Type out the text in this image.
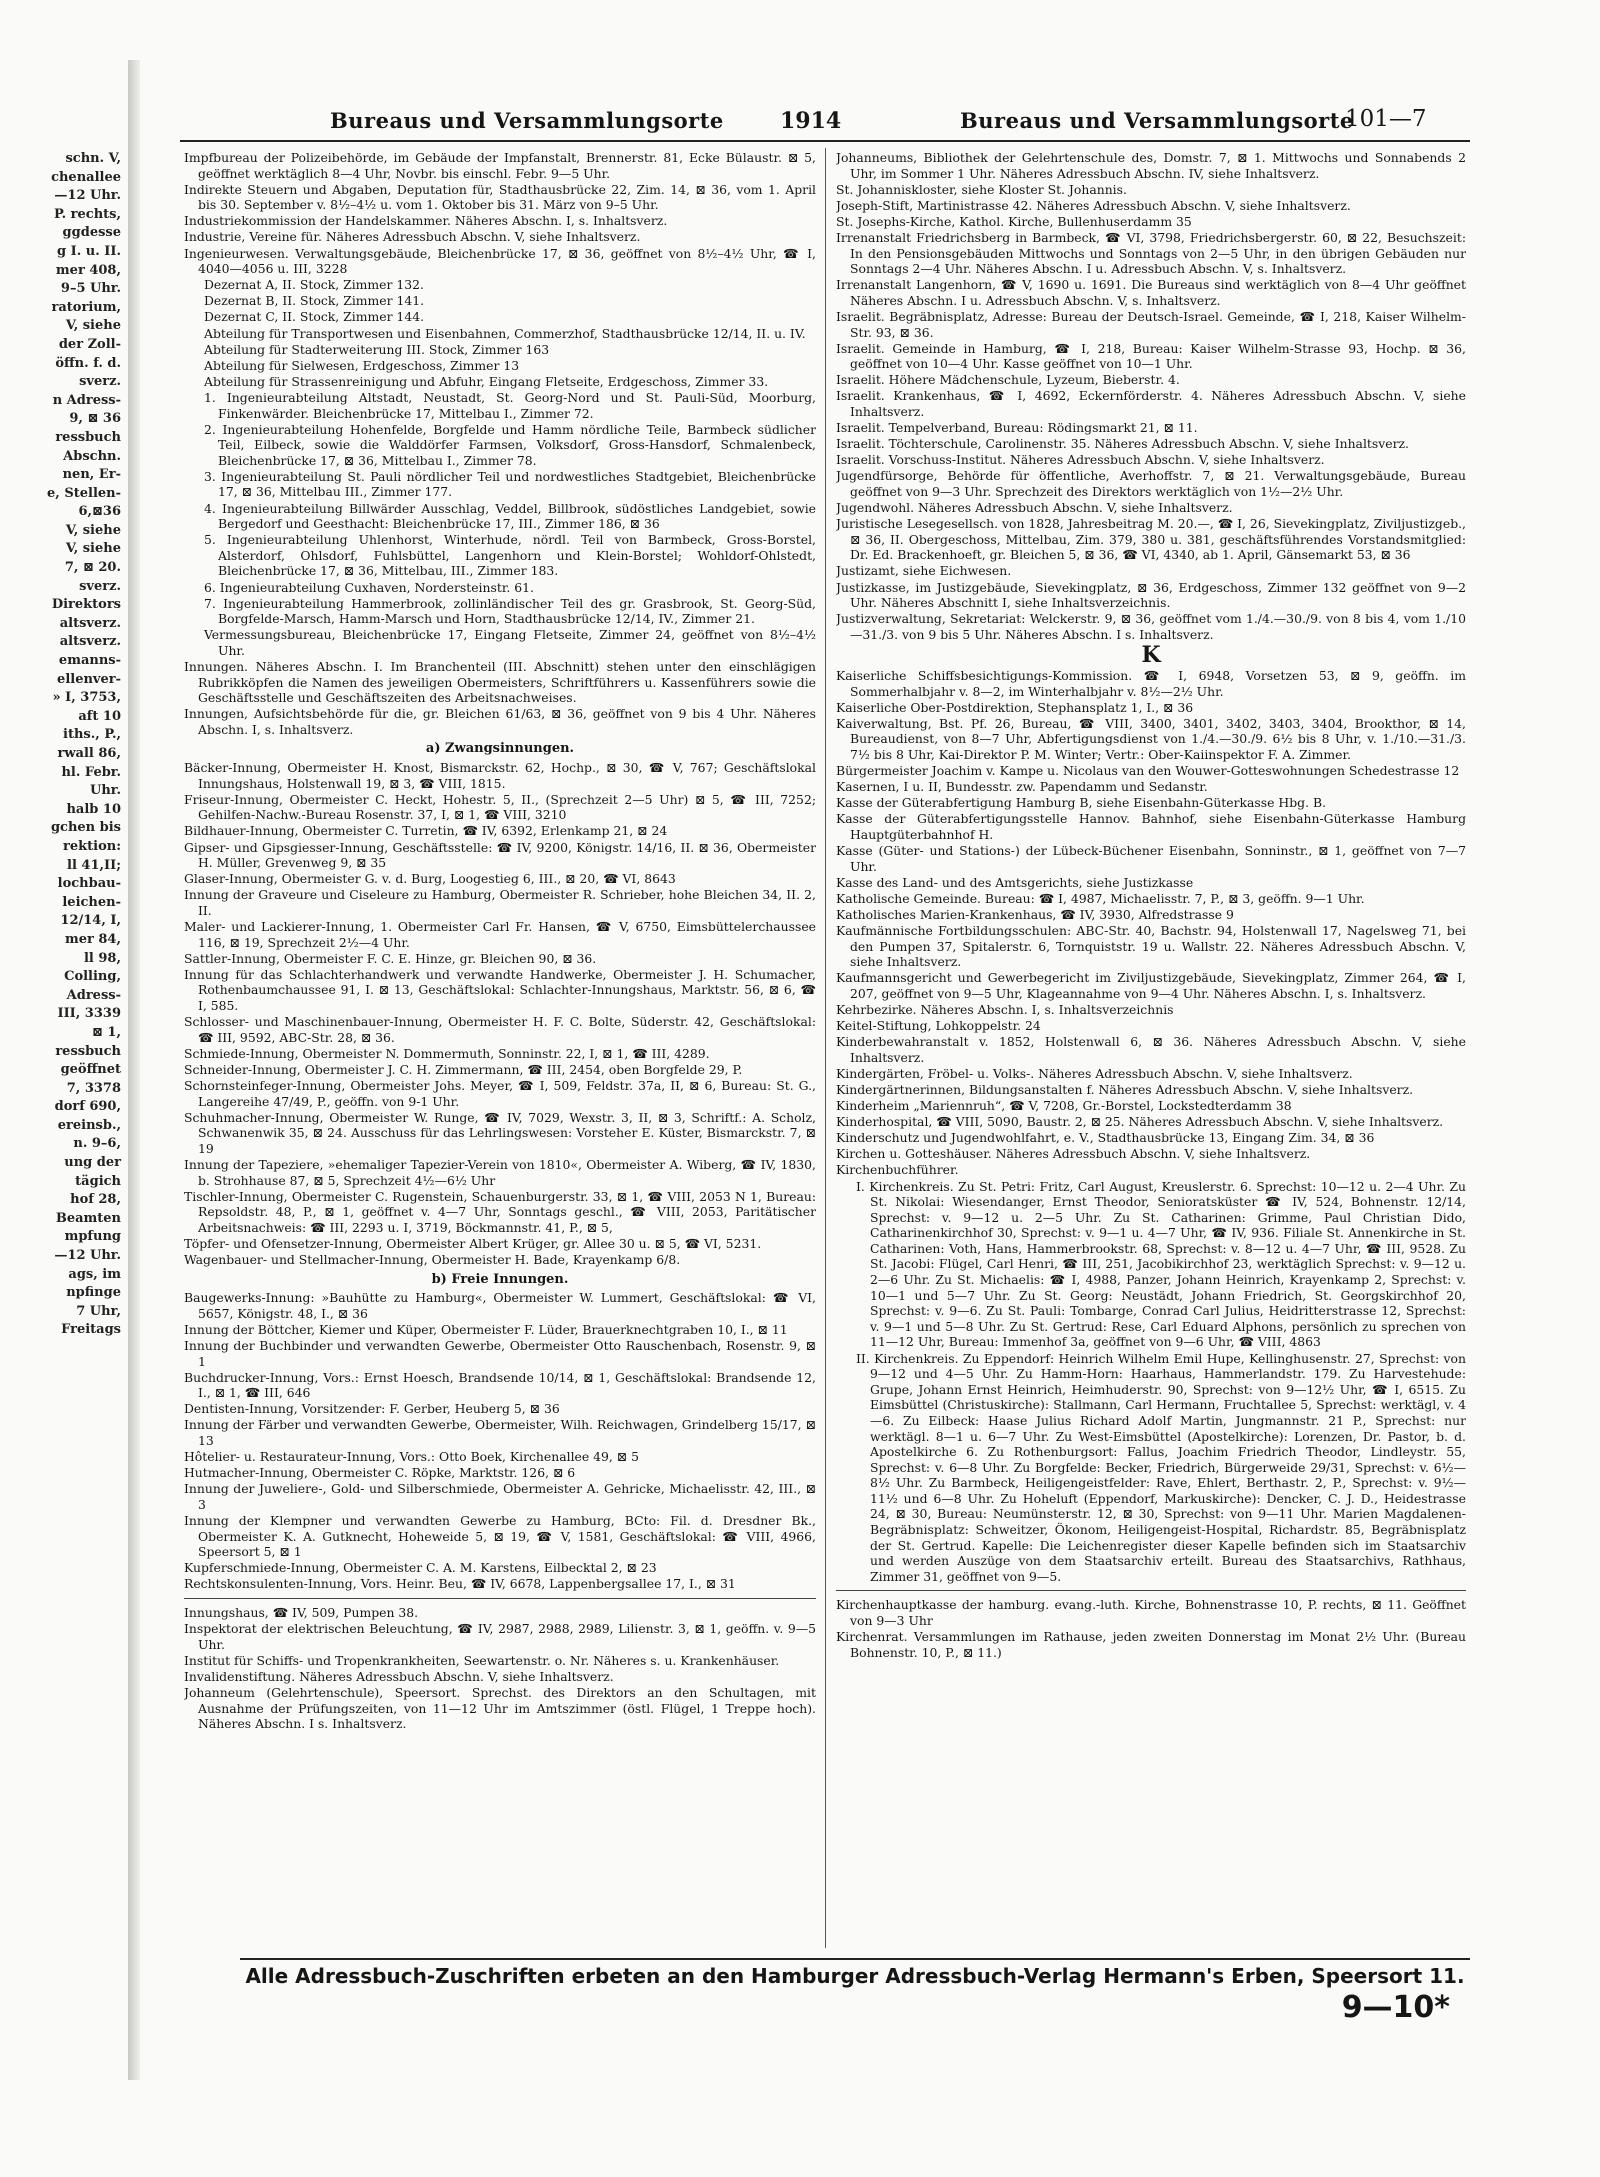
schn. V,
chenallee
—12 Uhr.
P. rechts,
ggdesse
g I. u. II.
mer 408,
9–5 Uhr.
ratorium,
V, siehe
der Zoll-
öffn. f. d.
sverz.
n Adress-
9, ⊠ 36
ressbuch
Abschn.
nen, Er-
e, Stellen-
6,⊠36
V, siehe
V, siehe
7, ⊠ 20.
sverz.
Direktors
altsverz.
altsverz.
emanns-
ellenver-
» I, 3753,
aft 10
iths., P.,
rwall 86,
hl. Febr.
Uhr.
halb 10
gchen bis
rektion:
ll 41,II;
lochbau-
leichen-
12/14, I,
mer 84,
ll 98,
Colling,
Adress-
III, 3339
⊠ 1,
ressbuch
geöffnet
7, 3378
dorf 690,
ereinsb.,
n. 9–6,
ung der
tägich
hof 28,
Beamten
mpfung
—12 Uhr.
ags, im
npfinge
7 Uhr,
Freitags
Bureaus und Versammlungsorte	1914	Bureaus und Versammlungsorte
101—7
Impfbureau der Polizeibehörde, im Gebäude der Impfanstalt, Brennerstr. 81, Ecke Bülaustr. ⊠ 5, geöffnet werktäglich 8—4 Uhr, Novbr. bis einschl. Febr. 9—5 Uhr.
Indirekte Steuern und Abgaben, Deputation für, Stadthausbrücke 22, Zim. 14, ⊠ 36, vom 1. April bis 30. September v. 8½–4½ u. vom 1. Oktober bis 31. März von 9–5 Uhr.
Industriekommission der Handelskammer. Näheres Abschn. I, s. Inhaltsverz.
Industrie, Vereine für. Näheres Adressbuch Abschn. V, siehe Inhaltsverz.
Ingenieurwesen. Verwaltungsgebäude, Bleichenbrücke 17, ⊠ 36, geöffnet von 8½–4½ Uhr, ☎ I, 4040—4056 u. III, 3228
Dezernat A, II. Stock, Zimmer 132.
Dezernat B, II. Stock, Zimmer 141.
Dezernat C, II. Stock, Zimmer 144.
Abteilung für Transportwesen und Eisenbahnen, Commerzhof, Stadthausbrücke 12/14, II. u. IV.
Abteilung für Stadterweiterung III. Stock, Zimmer 163
Abteilung für Sielwesen, Erdgeschoss, Zimmer 13
Abteilung für Strassenreinigung und Abfuhr, Eingang Fletseite, Erdgeschoss, Zimmer 33.
1. Ingenieurabteilung Altstadt, Neustadt, St. Georg-Nord und St. Pauli-Süd, Moorburg, Finkenwärder. Bleichenbrücke 17, Mittelbau I., Zimmer 72.
2. Ingenieurabteilung Hohenfelde, Borgfelde und Hamm nördliche Teile, Barmbeck südlicher Teil, Eilbeck, sowie die Walddörfer Farmsen, Volksdorf, Gross-Hansdorf, Schmalenbeck, Bleichenbrücke 17, ⊠ 36, Mittelbau I., Zimmer 78.
3. Ingenieurabteilung St. Pauli nördlicher Teil und nordwestliches Stadtgebiet, Bleichenbrücke 17, ⊠ 36, Mittelbau III., Zimmer 177.
4. Ingenieurabteilung Billwärder Ausschlag, Veddel, Billbrook, südöstliches Landgebiet, sowie Bergedorf und Geesthacht: Bleichenbrücke 17, III., Zimmer 186, ⊠ 36
5. Ingenieurabteilung Uhlenhorst, Winterhude, nördl. Teil von Barmbeck, Gross-Borstel, Alsterdorf, Ohlsdorf, Fuhlsbüttel, Langenhorn und Klein-Borstel; Wohldorf-Ohlstedt, Bleichenbrücke 17, ⊠ 36, Mittelbau, III., Zimmer 183.
6. Ingenieurabteilung Cuxhaven, Nordersteinstr. 61.
7. Ingenieurabteilung Hammerbrook, zollinländischer Teil des gr. Grasbrook, St. Georg-Süd, Borgfelde-Marsch, Hamm-Marsch und Horn, Stadthausbrücke 12/14, IV., Zimmer 21.
Vermessungsbureau, Bleichenbrücke 17, Eingang Fletseite, Zimmer 24, geöffnet von 8½–4½ Uhr.
Innungen. Näheres Abschn. I. Im Branchenteil (III. Abschnitt) stehen unter den einschlägigen Rubrikköpfen die Namen des jeweiligen Obermeisters, Schriftführers u. Kassenführers sowie die Geschäftsstelle und Geschäftszeiten des Arbeitsnachweises.
Innungen, Aufsichtsbehörde für die, gr. Bleichen 61/63, ⊠ 36, geöffnet von 9 bis 4 Uhr. Näheres Abschn. I, s. Inhaltsverz.
a) Zwangsinnungen.
Bäcker-Innung, Obermeister H. Knost, Bismarckstr. 62, Hochp., ⊠ 30, ☎ V, 767; Geschäftslokal Innungshaus, Holstenwall 19, ⊠ 3, ☎ VIII, 1815.
Friseur-Innung, Obermeister C. Heckt, Hohestr. 5, II., (Sprechzeit 2—5 Uhr) ⊠ 5, ☎ III, 7252; Gehilfen-Nachw.-Bureau Rosenstr. 37, I, ⊠ 1, ☎ VIII, 3210
Bildhauer-Innung, Obermeister C. Turretin, ☎ IV, 6392, Erlenkamp 21, ⊠ 24
Gipser- und Gipsgiesser-Innung, Geschäftsstelle: ☎ IV, 9200, Königstr. 14/16, II. ⊠ 36, Obermeister H. Müller, Grevenweg 9, ⊠ 35
Glaser-Innung, Obermeister G. v. d. Burg, Loogestieg 6, III., ⊠ 20, ☎ VI, 8643
Innung der Graveure und Ciseleure zu Hamburg, Obermeister R. Schrieber, hohe Bleichen 34, II. 2, II.
Maler- und Lackierer-Innung, 1. Obermeister Carl Fr. Hansen, ☎ V, 6750, Eimsbüttelerchaussee 116, ⊠ 19, Sprechzeit 2½—4 Uhr.
Sattler-Innung, Obermeister F. C. E. Hinze, gr. Bleichen 90, ⊠ 36.
Innung für das Schlachterhandwerk und verwandte Handwerke, Obermeister J. H. Schumacher, Rothenbaumchaussee 91, I. ⊠ 13, Geschäftslokal: Schlachter-Innungshaus, Marktstr. 56, ⊠ 6, ☎ I, 585.
Schlosser- und Maschinenbauer-Innung, Obermeister H. F. C. Bolte, Süderstr. 42, Geschäftslokal: ☎ III, 9592, ABC-Str. 28, ⊠ 36.
Schmiede-Innung, Obermeister N. Dommermuth, Sonninstr. 22, I, ⊠ 1, ☎ III, 4289.
Schneider-Innung, Obermeister J. C. H. Zimmermann, ☎ III, 2454, oben Borgfelde 29, P.
Schornsteinfeger-Innung, Obermeister Johs. Meyer, ☎ I, 509, Feldstr. 37a, II, ⊠ 6, Bureau: St. G., Langereihe 47/49, P., geöffn. von 9-1 Uhr.
Schuhmacher-Innung, Obermeister W. Runge, ☎ IV, 7029, Wexstr. 3, II, ⊠ 3, Schriftf.: A. Scholz, Schwanenwik 35, ⊠ 24. Ausschuss für das Lehrlingswesen: Vorsteher E. Küster, Bismarckstr. 7, ⊠ 19
Innung der Tapeziere, »ehemaliger Tapezier-Verein von 1810«, Obermeister A. Wiberg, ☎ IV, 1830, b. Strohhause 87, ⊠ 5, Sprechzeit 4½—6½ Uhr
Tischler-Innung, Obermeister C. Rugenstein, Schauenburgerstr. 33, ⊠ 1, ☎ VIII, 2053 N 1, Bureau: Repsoldstr. 48, P., ⊠ 1, geöffnet v. 4—7 Uhr, Sonntags geschl., ☎ VIII, 2053, Paritätischer Arbeitsnachweis: ☎ III, 2293 u. I, 3719, Böckmannstr. 41, P., ⊠ 5,
Töpfer- und Ofensetzer-Innung, Obermeister Albert Krüger, gr. Allee 30 u. ⊠ 5, ☎ VI, 5231.
Wagenbauer- und Stellmacher-Innung, Obermeister H. Bade, Krayenkamp 6/8.
b) Freie Innungen.
Baugewerks-Innung: »Bauhütte zu Hamburg«, Obermeister W. Lummert, Geschäftslokal: ☎ VI, 5657, Königstr. 48, I., ⊠ 36
Innung der Böttcher, Kiemer und Küper, Obermeister F. Lüder, Brauerknechtgraben 10, I., ⊠ 11
Innung der Buchbinder und verwandten Gewerbe, Obermeister Otto Rauschenbach, Rosenstr. 9, ⊠ 1
Buchdrucker-Innung, Vors.: Ernst Hoesch, Brandsende 10/14, ⊠ 1, Geschäftslokal: Brandsende 12, I., ⊠ 1, ☎ III, 646
Dentisten-Innung, Vorsitzender: F. Gerber, Heuberg 5, ⊠ 36
Innung der Färber und verwandten Gewerbe, Obermeister, Wilh. Reichwagen, Grindelberg 15/17, ⊠ 13
Hôtelier- u. Restaurateur-Innung, Vors.: Otto Boek, Kirchenallee 49, ⊠ 5
Hutmacher-Innung, Obermeister C. Röpke, Marktstr. 126, ⊠ 6
Innung der Juweliere-, Gold- und Silberschmiede, Obermeister A. Gehricke, Michaelisstr. 42, III., ⊠ 3
Innung der Klempner und verwandten Gewerbe zu Hamburg, BCto: Fil. d. Dresdner Bk., Obermeister K. A. Gutknecht, Hoheweide 5, ⊠ 19, ☎ V, 1581, Geschäftslokal: ☎ VIII, 4966, Speersort 5, ⊠ 1
Kupferschmiede-Innung, Obermeister C. A. M. Karstens, Eilbecktal 2, ⊠ 23
Rechtskonsulenten-Innung, Vors. Heinr. Beu, ☎ IV, 6678, Lappenbergsallee 17, I., ⊠ 31
Innungshaus, ☎ IV, 509, Pumpen 38.
Inspektorat der elektrischen Beleuchtung, ☎ IV, 2987, 2988, 2989, Lilienstr. 3, ⊠ 1, geöffn. v. 9—5 Uhr.
Institut für Schiffs- und Tropenkrankheiten, Seewartenstr. o. Nr. Näheres s. u. Krankenhäuser.
Invalidenstiftung. Näheres Adressbuch Abschn. V, siehe Inhaltsverz.
Johanneum (Gelehrtenschule), Speersort. Sprechst. des Direktors an den Schultagen, mit Ausnahme der Prüfungszeiten, von 11—12 Uhr im Amtszimmer (östl. Flügel, 1 Treppe hoch). Näheres Abschn. I s. Inhaltsverz.
Johanneums, Bibliothek der Gelehrtenschule des, Domstr. 7, ⊠ 1. Mittwochs und Sonnabends 2 Uhr, im Sommer 1 Uhr. Näheres Adressbuch Abschn. IV, siehe Inhaltsverz.
St. Johanniskloster, siehe Kloster St. Johannis.
Joseph-Stift, Martinistrasse 42. Näheres Adressbuch Abschn. V, siehe Inhaltsverz.
St. Josephs-Kirche, Kathol. Kirche, Bullenhuserdamm 35
Irrenanstalt Friedrichsberg in Barmbeck, ☎ VI, 3798, Friedrichsbergerstr. 60, ⊠ 22, Besuchszeit: In den Pensionsgebäuden Mittwochs und Sonntags von 2—5 Uhr, in den übrigen Gebäuden nur Sonntags 2—4 Uhr. Näheres Abschn. I u. Adressbuch Abschn. V, s. Inhaltsverz.
Irrenanstalt Langenhorn, ☎ V, 1690 u. 1691. Die Bureaus sind werktäglich von 8—4 Uhr geöffnet Näheres Abschn. I u. Adressbuch Abschn. V, s. Inhaltsverz.
Israelit. Begräbnisplatz, Adresse: Bureau der Deutsch-Israel. Gemeinde, ☎ I, 218, Kaiser Wilhelm-Str. 93, ⊠ 36.
Israelit. Gemeinde in Hamburg, ☎ I, 218, Bureau: Kaiser Wilhelm-Strasse 93, Hochp. ⊠ 36, geöffnet von 10—4 Uhr. Kasse geöffnet von 10—1 Uhr.
Israelit. Höhere Mädchenschule, Lyzeum, Bieberstr. 4.
Israelit. Krankenhaus, ☎ I, 4692, Eckernförderstr. 4. Näheres Adressbuch Abschn. V, siehe Inhaltsverz.
Israelit. Tempelverband, Bureau: Rödingsmarkt 21, ⊠ 11.
Israelit. Töchterschule, Carolinenstr. 35. Näheres Adressbuch Abschn. V, siehe Inhaltsverz.
Israelit. Vorschuss-Institut. Näheres Adressbuch Abschn. V, siehe Inhaltsverz.
Jugendfürsorge, Behörde für öffentliche, Averhoffstr. 7, ⊠ 21. Verwaltungsgebäude, Bureau geöffnet von 9—3 Uhr. Sprechzeit des Direktors werktäglich von 1½—2½ Uhr.
Jugendwohl. Näheres Adressbuch Abschn. V, siehe Inhaltsverz.
Juristische Lesegesellsch. von 1828, Jahresbeitrag M. 20.—, ☎ I, 26, Sievekingplatz, Ziviljustizgeb., ⊠ 36, II. Obergeschoss, Mittelbau, Zim. 379, 380 u. 381, geschäftsführendes Vorstandsmitglied: Dr. Ed. Brackenhoeft, gr. Bleichen 5, ⊠ 36, ☎ VI, 4340, ab 1. April, Gänsemarkt 53, ⊠ 36
Justizamt, siehe Eichwesen.
Justizkasse, im Justizgebäude, Sievekingplatz, ⊠ 36, Erdgeschoss, Zimmer 132 geöffnet von 9—2 Uhr. Näheres Abschnitt I, siehe Inhaltsverzeichnis.
Justizverwaltung, Sekretariat: Welckerstr. 9, ⊠ 36, geöffnet vom 1./4.—30./9. von 8 bis 4, vom 1./10—31./3. von 9 bis 5 Uhr. Näheres Abschn. I s. Inhaltsverz.
K
Kaiserliche Schiffsbesichtigungs-Kommission. ☎ I, 6948, Vorsetzen 53, ⊠ 9, geöffn. im Sommerhalbjahr v. 8—2, im Winterhalbjahr v. 8½—2½ Uhr.
Kaiserliche Ober-Postdirektion, Stephansplatz 1, I., ⊠ 36
Kaiverwaltung, Bst. Pf. 26, Bureau, ☎ VIII, 3400, 3401, 3402, 3403, 3404, Brookthor, ⊠ 14, Bureaudienst, von 8—7 Uhr, Abfertigungsdienst von 1./4.—30./9. 6½ bis 8 Uhr, v. 1./10.—31./3. 7½ bis 8 Uhr, Kai-Direktor P. M. Winter; Vertr.: Ober-Kaiinspektor F. A. Zimmer.
Bürgermeister Joachim v. Kampe u. Nicolaus van den Wouwer-Gotteswohnungen Schedestrasse 12
Kasernen, I u. II, Bundesstr. zw. Papendamm und Sedanstr.
Kasse der Güterabfertigung Hamburg B, siehe Eisenbahn-Güterkasse Hbg. B.
Kasse der Güterabfertigungsstelle Hannov. Bahnhof, siehe Eisenbahn-Güterkasse Hamburg Hauptgüterbahnhof H.
Kasse (Güter- und Stations-) der Lübeck-Büchener Eisenbahn, Sonninstr., ⊠ 1, geöffnet von 7—7 Uhr.
Kasse des Land- und des Amtsgerichts, siehe Justizkasse
Katholische Gemeinde. Bureau: ☎ I, 4987, Michaelisstr. 7, P., ⊠ 3, geöffn. 9—1 Uhr.
Katholisches Marien-Krankenhaus, ☎ IV, 3930, Alfredstrasse 9
Kaufmännische Fortbildungsschulen: ABC-Str. 40, Bachstr. 94, Holstenwall 17, Nagelsweg 71, bei den Pumpen 37, Spitalerstr. 6, Tornquiststr. 19 u. Wallstr. 22. Näheres Adressbuch Abschn. V, siehe Inhaltsverz.
Kaufmannsgericht und Gewerbegericht im Ziviljustizgebäude, Sievekingplatz, Zimmer 264, ☎ I, 207, geöffnet von 9—5 Uhr, Klageannahme von 9—4 Uhr. Näheres Abschn. I, s. Inhaltsverz.
Kehrbezirke. Näheres Abschn. I, s. Inhaltsverzeichnis
Keitel-Stiftung, Lohkoppelstr. 24
Kinderbewahranstalt v. 1852, Holstenwall 6, ⊠ 36. Näheres Adressbuch Abschn. V, siehe Inhaltsverz.
Kindergärten, Fröbel- u. Volks-. Näheres Adressbuch Abschn. V, siehe Inhaltsverz.
Kindergärtnerinnen, Bildungsanstalten f. Näheres Adressbuch Abschn. V, siehe Inhaltsverz.
Kinderheim „Mariennruh“, ☎ V, 7208, Gr.-Borstel, Lockstedterdamm 38
Kinderhospital, ☎ VIII, 5090, Baustr. 2, ⊠ 25. Näheres Adressbuch Abschn. V, siehe Inhaltsverz.
Kinderschutz und Jugendwohlfahrt, e. V., Stadthausbrücke 13, Eingang Zim. 34, ⊠ 36
Kirchen u. Gotteshäuser. Näheres Adressbuch Abschn. V, siehe Inhaltsverz.
Kirchenbuchführer.
I. Kirchenkreis. Zu St. Petri: Fritz, Carl August, Kreuslerstr. 6. Sprechst: 10—12 u. 2—4 Uhr. Zu St. Nikolai: Wiesendanger, Ernst Theodor, Senioratsküster ☎ IV, 524, Bohnenstr. 12/14, Sprechst: v. 9—12 u. 2—5 Uhr. Zu St. Catharinen: Grimme, Paul Christian Dido, Catharinenkirchhof 30, Sprechst: v. 9—1 u. 4—7 Uhr, ☎ IV, 936. Filiale St. Annenkirche in St. Catharinen: Voth, Hans, Hammerbrookstr. 68, Sprechst: v. 8—12 u. 4—7 Uhr, ☎ III, 9528. Zu St. Jacobi: Flügel, Carl Henri, ☎ III, 251, Jacobikirchhof 23, werktäglich Sprechst: v. 9—12 u. 2—6 Uhr. Zu St. Michaelis: ☎ I, 4988, Panzer, Johann Heinrich, Krayenkamp 2, Sprechst: v. 10—1 und 5—7 Uhr. Zu St. Georg: Neustädt, Johann Friedrich, St. Georgskirchhof 20, Sprechst: v. 9—6. Zu St. Pauli: Tombarge, Conrad Carl Julius, Heidritterstrasse 12, Sprechst: v. 9—1 und 5—8 Uhr. Zu St. Gertrud: Rese, Carl Eduard Alphons, persönlich zu sprechen von 11—12 Uhr, Bureau: Immenhof 3a, geöffnet von 9—6 Uhr, ☎ VIII, 4863
II. Kirchenkreis. Zu Eppendorf: Heinrich Wilhelm Emil Hupe, Kellinghusenstr. 27, Sprechst: von 9—12 und 4—5 Uhr. Zu Hamm-Horn: Haarhaus, Hammerlandstr. 179. Zu Harvestehude: Grupe, Johann Ernst Heinrich, Heimhuderstr. 90, Sprechst: von 9—12½ Uhr, ☎ I, 6515. Zu Eimsbüttel (Christuskirche): Stallmann, Carl Hermann, Fruchtallee 5, Sprechst: werktägl, v. 4—6. Zu Eilbeck: Haase Julius Richard Adolf Martin, Jungmannstr. 21 P., Sprechst: nur werktägl. 8—1 u. 6—7 Uhr. Zu West-Eimsbüttel (Apostelkirche): Lorenzen, Dr. Pastor, b. d. Apostelkirche 6. Zu Rothenburgsort: Fallus, Joachim Friedrich Theodor, Lindleystr. 55, Sprechst: v. 6—8 Uhr. Zu Borgfelde: Becker, Friedrich, Bürgerweide 29/31, Sprechst: v. 6½—8½ Uhr. Zu Barmbeck, Heiligengeistfelder: Rave, Ehlert, Berthastr. 2, P., Sprechst: v. 9½—11½ und 6—8 Uhr. Zu Hoheluft (Eppendorf, Markuskirche): Dencker, C. J. D., Heidestrasse 24, ⊠ 30, Bureau: Neumünsterstr. 12, ⊠ 30, Sprechst: von 9—11 Uhr. Marien Magdalenen-Begräbnisplatz: Schweitzer, Ökonom, Heiligengeist-Hospital, Richardstr. 85, Begräbnisplatz der St. Gertrud. Kapelle: Die Leichenregister dieser Kapelle befinden sich im Staatsarchiv und werden Auszüge von dem Staatsarchiv erteilt. Bureau des Staatsarchivs, Rathhaus, Zimmer 31, geöffnet von 9—5.
Kirchenhauptkasse der hamburg. evang.-luth. Kirche, Bohnenstrasse 10, P. rechts, ⊠ 11. Geöffnet von 9—3 Uhr
Kirchenrat. Versammlungen im Rathause, jeden zweiten Donnerstag im Monat 2½ Uhr. (Bureau Bohnenstr. 10, P., ⊠ 11.)
Alle Adressbuch-Zuschriften erbeten an den Hamburger Adressbuch-Verlag Hermann's Erben, Speersort 11.
9—10*
